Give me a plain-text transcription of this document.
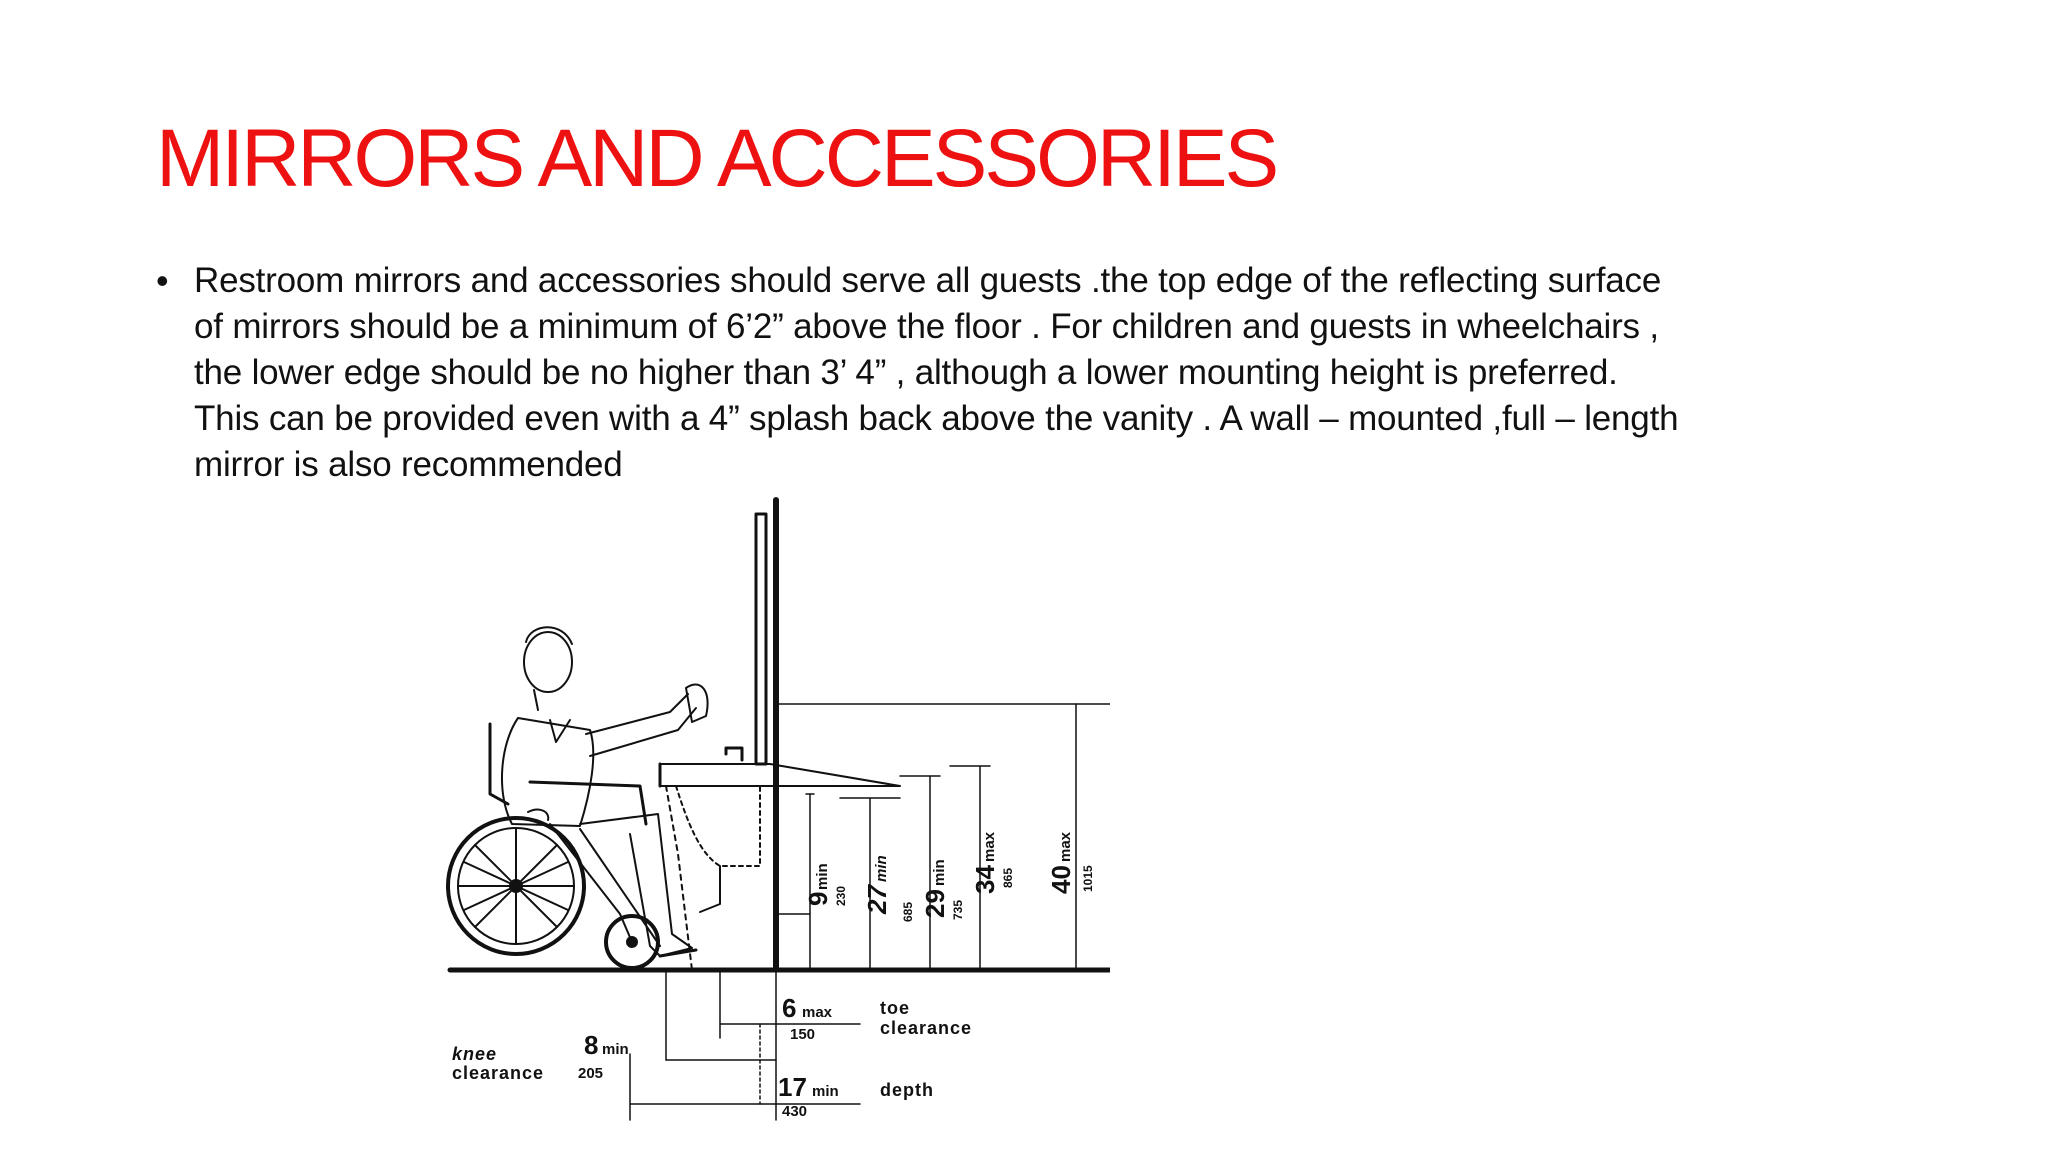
MIRRORS AND ACCESSORIES
• Restroom mirrors and accessories should serve all guests .the top edge of the reflecting surface
of mirrors should be a minimum of 6’2” above the floor . For children and guests in wheelchairs ,
the lower edge should be no higher than 3’ 4” , although a lower mounting height is preferred.
This can be provided even with a 4” splash back above the vanity . A wall – mounted ,full – length
mirror is also recommended
9
min
230 27
min
685 29
min
735
34
max
865 40
max
1015
6 max
150
toe
clearance
8 min
205
knee
clearance	17 min
430
depth
